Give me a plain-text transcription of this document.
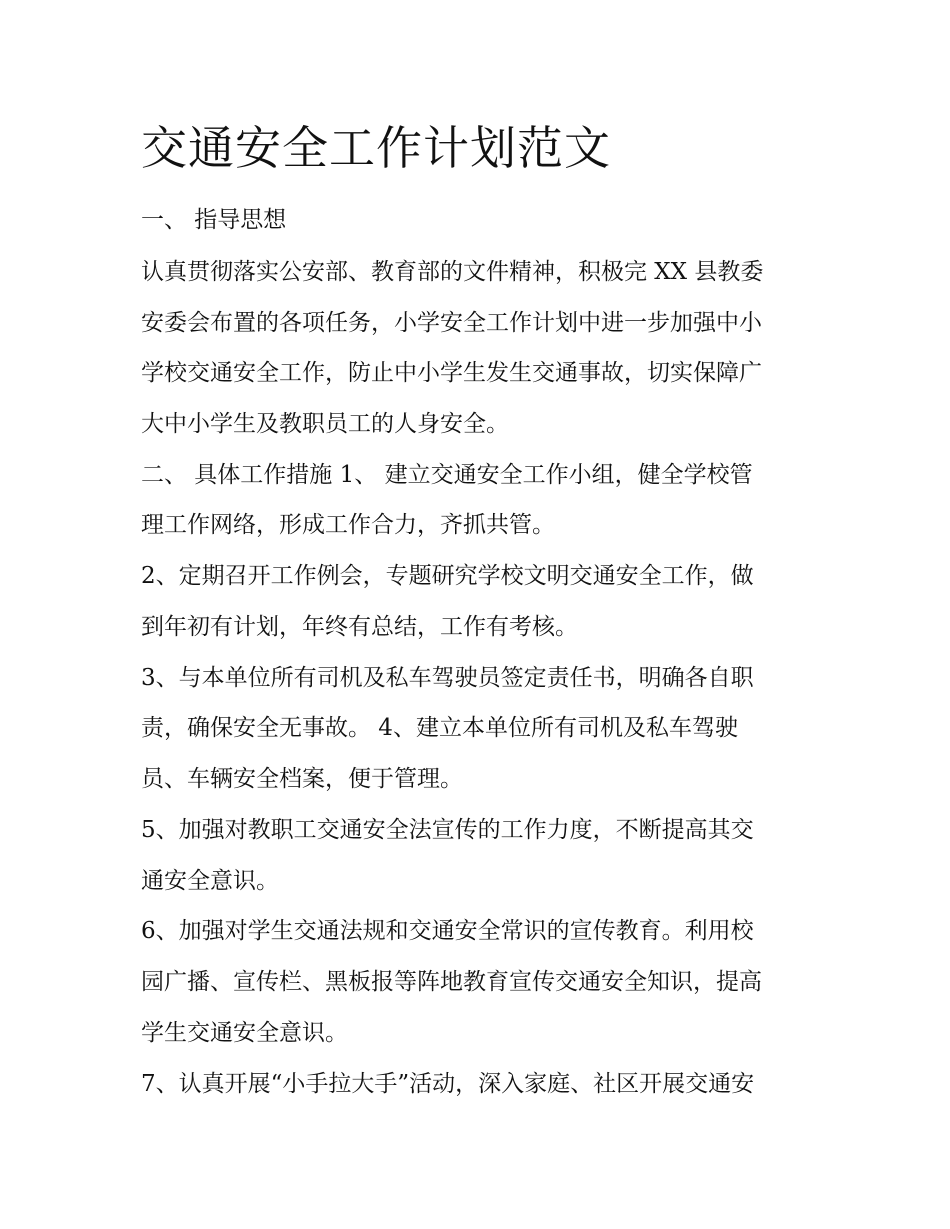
交通安全工作计划范文
一、 指导思想
认真贯彻落实公安部、教育部的文件精神，积极完 XX 县教委
安委会布置的各项任务，小学安全工作计划中进一步加强中小
学校交通安全工作，防止中小学生发生交通事故，切实保障广
大中小学生及教职员工的人身安全。
二、 具体工作措施 1、 建立交通安全工作小组，健全学校管
理工作网络，形成工作合力，齐抓共管。
2、定期召开工作例会，专题研究学校文明交通安全工作，做
到年初有计划，年终有总结，工作有考核。
3、与本单位所有司机及私车驾驶员签定责任书，明确各自职
责，确保安全无事故。 4、建立本单位所有司机及私车驾驶
员、车辆安全档案，便于管理。
5、加强对教职工交通安全法宣传的工作力度，不断提高其交
通安全意识。
6、加强对学生交通法规和交通安全常识的宣传教育。利用校
园广播、宣传栏、黑板报等阵地教育宣传交通安全知识，提高
学生交通安全意识。
7、认真开展“小手拉大手”活动，深入家庭、社区开展交通安
